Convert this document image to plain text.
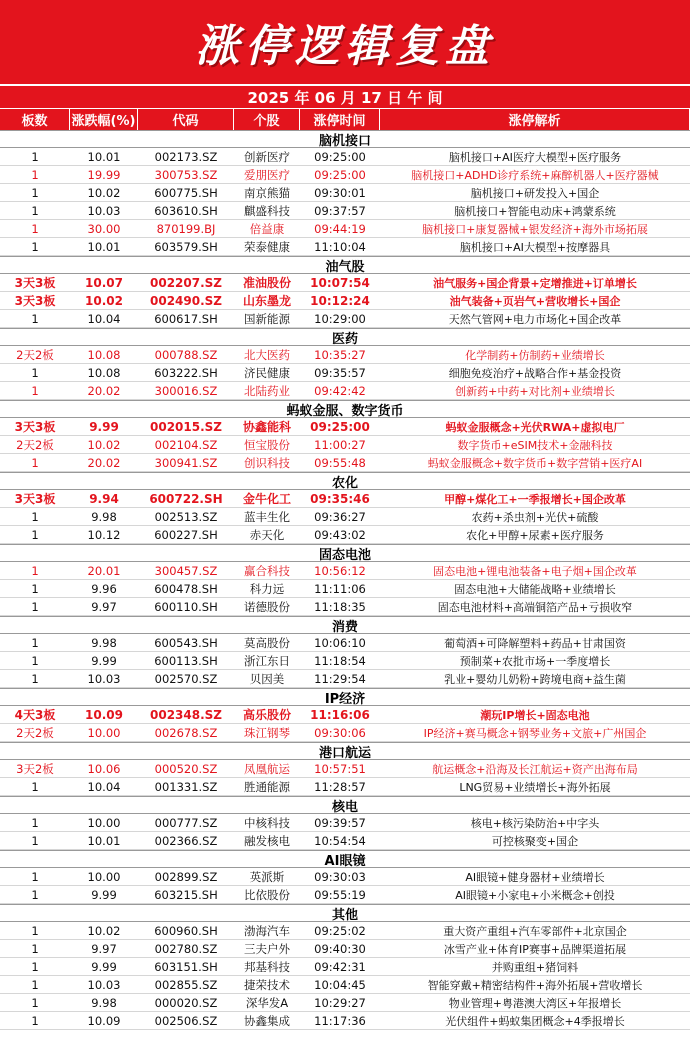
涨停逻辑复盘
2025 年 06 月 17 日 午 间
板数	涨跌幅(%)	代码	个股	涨停时间	涨停解析
脑机接口
1	10.01	002173.SZ	创新医疗	09:25:00	脑机接口+AI医疗大模型+医疗服务
1	19.99	300753.SZ	爱朋医疗	09:25:00	脑机接口+ADHD诊疗系统+麻醉机器人+医疗器械
1	10.02	600775.SH	南京熊猫	09:30:01	脑机接口+研发投入+国企
1	10.03	603610.SH	麒盛科技	09:37:57	脑机接口+智能电动床+鸿蒙系统
1	30.00	870199.BJ	倍益康	09:44:19	脑机接口+康复器械+银发经济+海外市场拓展
1	10.01	603579.SH	荣泰健康	11:10:04	脑机接口+AI大模型+按摩器具
油气股
3天3板	10.07	002207.SZ	准油股份	10:07:54	油气服务+国企背景+定增推进+订单增长
3天3板	10.02	002490.SZ	山东墨龙	10:12:24	油气装备+页岩气+营收增长+国企
1	10.04	600617.SH	国新能源	10:29:00	天然气管网+电力市场化+国企改革
医药
2天2板	10.08	000788.SZ	北大医药	10:35:27	化学制药+仿制药+业绩增长
1	10.08	603222.SH	济民健康	09:35:57	细胞免疫治疗+战略合作+基金投资
1	20.02	300016.SZ	北陆药业	09:42:42	创新药+中药+对比剂+业绩增长
蚂蚁金服、数字货币
3天3板	9.99	002015.SZ	协鑫能科	09:25:00	蚂蚁金服概念+光伏RWA+虚拟电厂
2天2板	10.02	002104.SZ	恒宝股份	11:00:27	数字货币+eSIM技术+金融科技
1	20.02	300941.SZ	创识科技	09:55:48	蚂蚁金服概念+数字货币+数字营销+医疗AI
农化
3天3板	9.94	600722.SH	金牛化工	09:35:46	甲醇+煤化工+一季报增长+国企改革
1	9.98	002513.SZ	蓝丰生化	09:36:27	农药+杀虫剂+光伏+硫酸
1	10.12	600227.SH	赤天化	09:43:02	农化+甲醇+尿素+医疗服务
固态电池
1	20.01	300457.SZ	赢合科技	10:56:12	固态电池+锂电池装备+电子烟+国企改革
1	9.96	600478.SH	科力远	11:11:06	固态电池+大储能战略+业绩增长
1	9.97	600110.SH	诺德股份	11:18:35	固态电池材料+高端铜箔产品+亏损收窄
消费
1	9.98	600543.SH	莫高股份	10:06:10	葡萄酒+可降解塑料+药品+甘肃国资
1	9.99	600113.SH	浙江东日	11:18:54	预制菜+农批市场+一季度增长
1	10.03	002570.SZ	贝因美	11:29:54	乳业+婴幼儿奶粉+跨境电商+益生菌
IP经济
4天3板	10.09	002348.SZ	高乐股份	11:16:06	潮玩IP增长+固态电池
2天2板	10.00	002678.SZ	珠江钢琴	09:30:06	IP经济+赛马概念+钢琴业务+文旅+广州国企
港口航运
3天2板	10.06	000520.SZ	凤凰航运	10:57:51	航运概念+沿海及长江航运+资产出海布局
1	10.04	001331.SZ	胜通能源	11:28:57	LNG贸易+业绩增长+海外拓展
核电
1	10.00	000777.SZ	中核科技	09:39:57	核电+核污染防治+中字头
1	10.01	002366.SZ	融发核电	10:54:54	可控核聚变+国企
AI眼镜
1	10.00	002899.SZ	英派斯	09:30:03	AI眼镜+健身器材+业绩增长
1	9.99	603215.SH	比依股份	09:55:19	AI眼镜+小家电+小米概念+创投
其他
1	10.02	600960.SH	渤海汽车	09:25:02	重大资产重组+汽车零部件+北京国企
1	9.97	002780.SZ	三夫户外	09:40:30	冰雪产业+体育IP赛事+品牌渠道拓展
1	9.99	603151.SH	邦基科技	09:42:31	并购重组+猪饲料
1	10.03	002855.SZ	捷荣技术	10:04:45	智能穿戴+精密结构件+海外拓展+营收增长
1	9.98	000020.SZ	深华发A	10:29:27	物业管理+粤港澳大湾区+年报增长
1	10.09	002506.SZ	协鑫集成	11:17:36	光伏组件+蚂蚁集团概念+4季报增长
